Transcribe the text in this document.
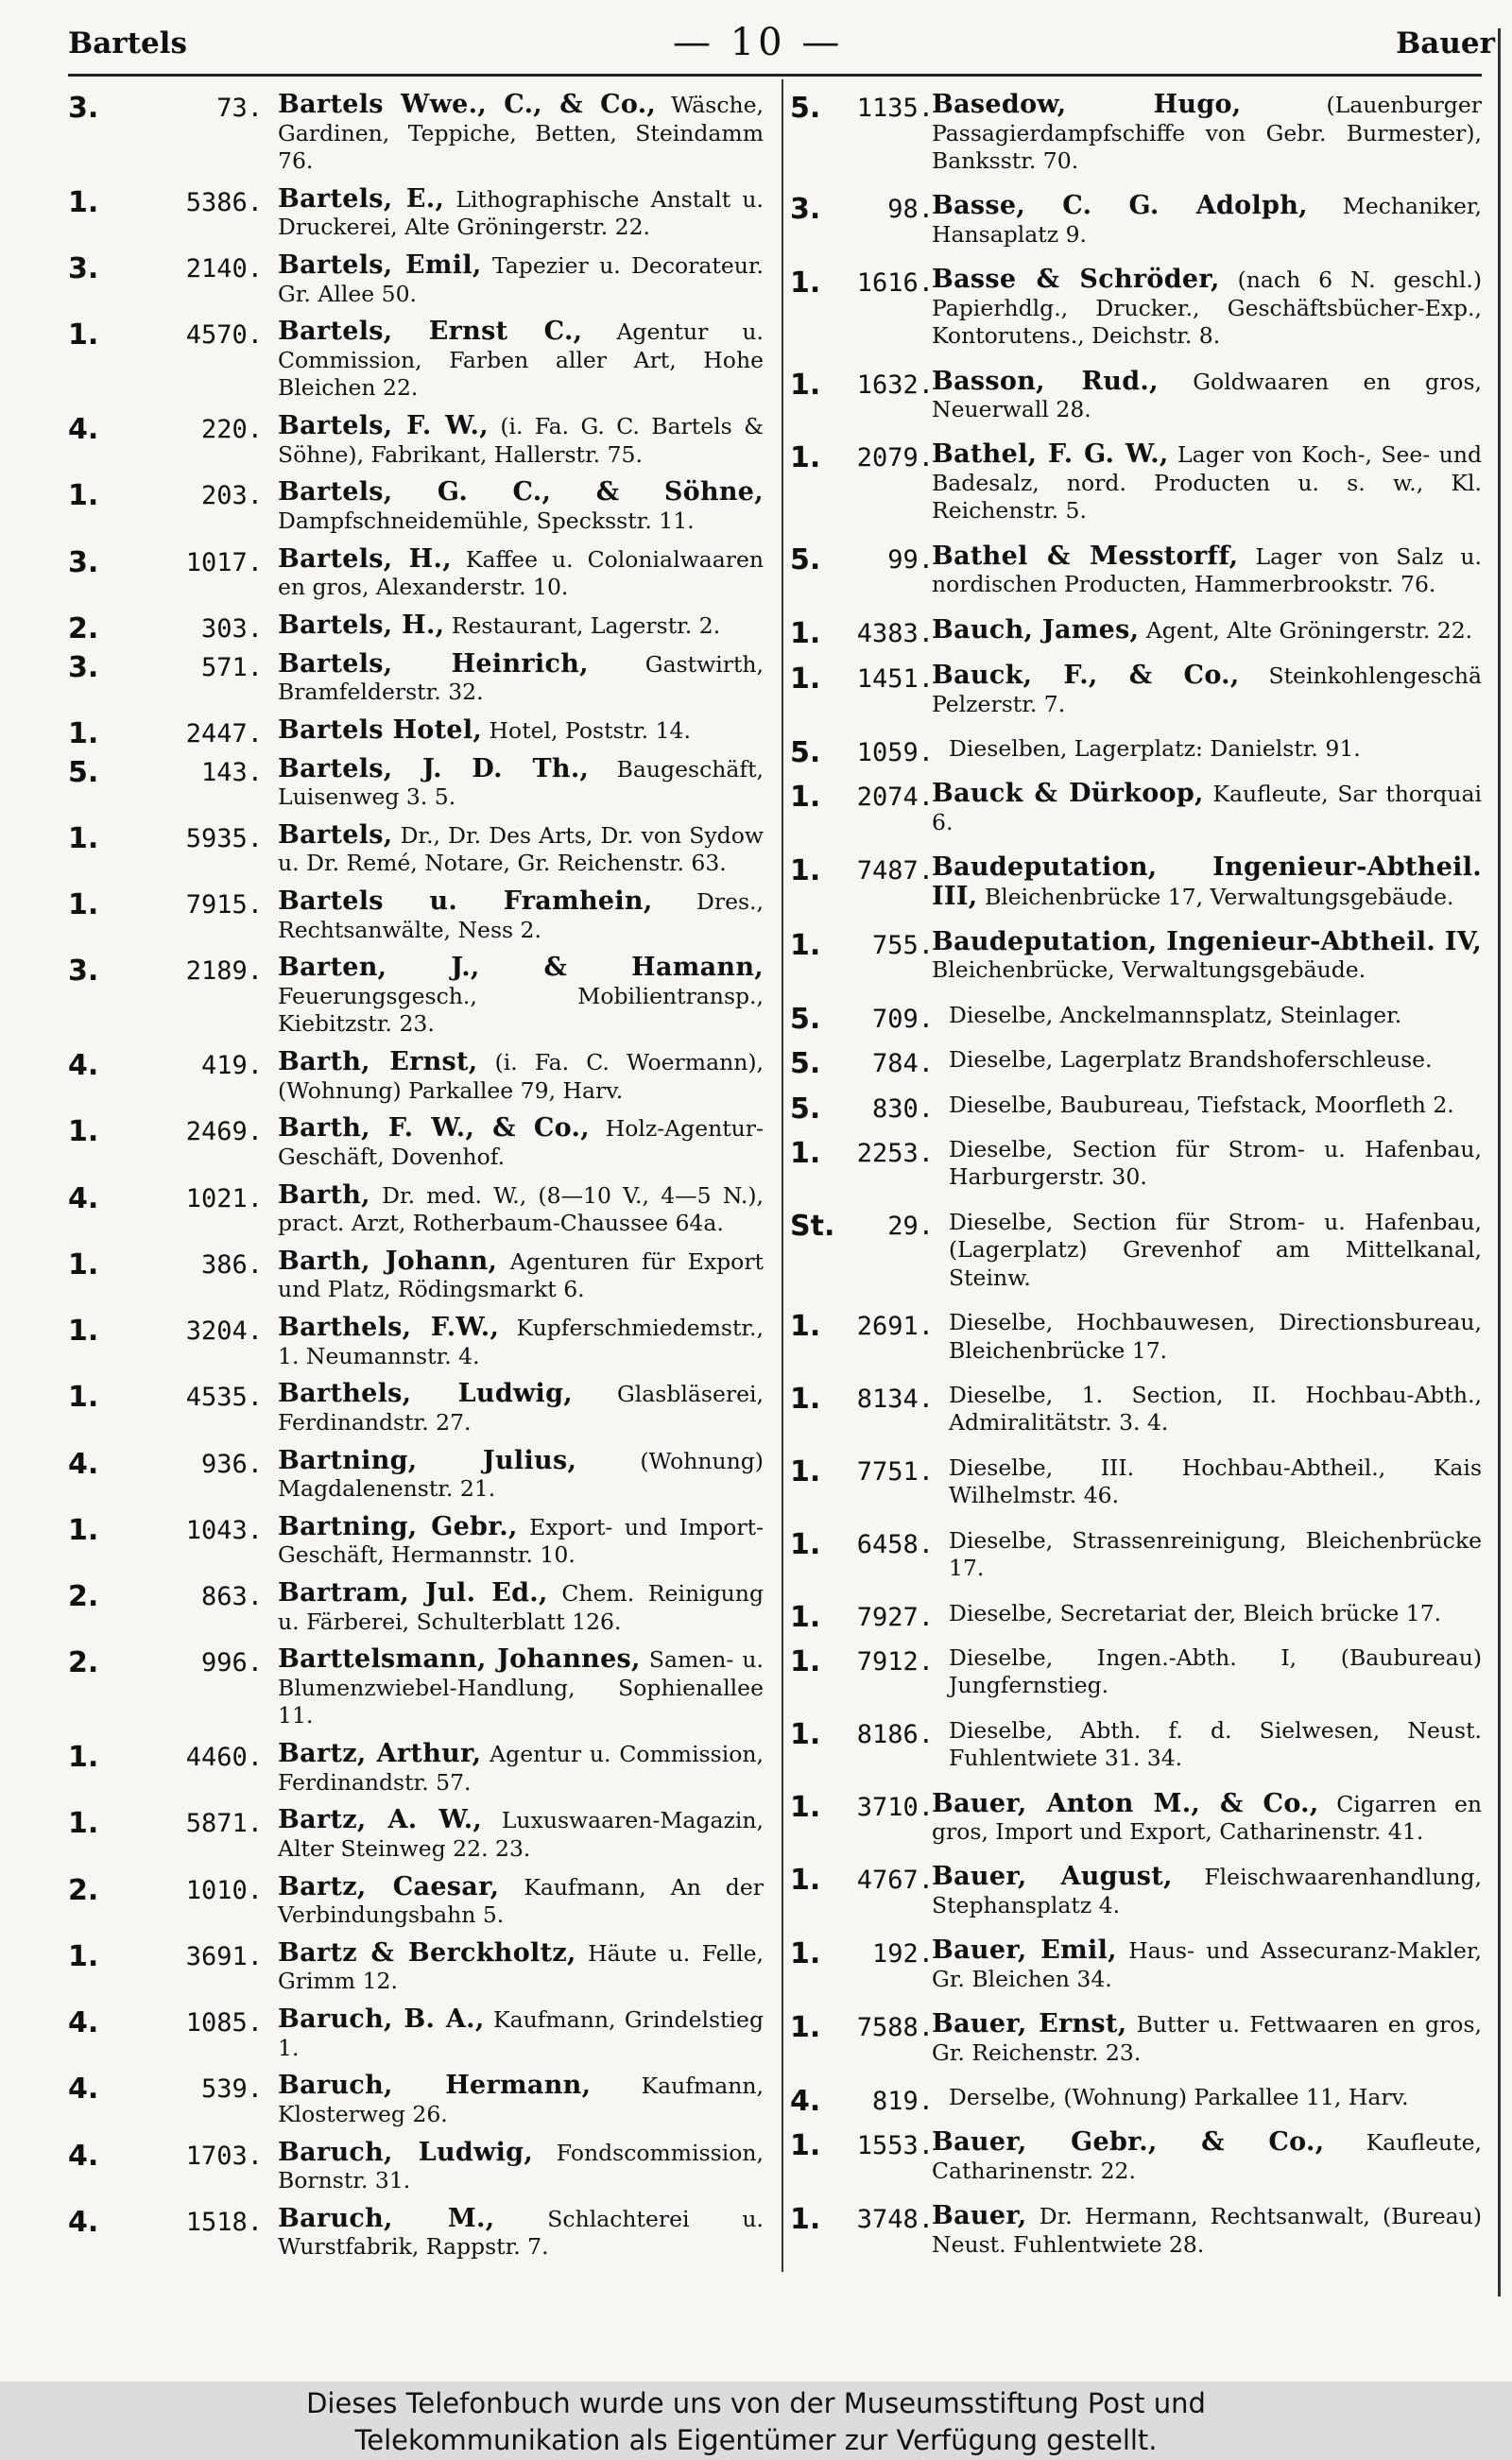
Bartels	— 10 —	Bauer
3.	73. Bartels Wwe., C., & Co., Wäsche, Gardinen, Teppiche, Betten, Steindamm 76.
1.	5386. Bartels, E., Lithographische Anstalt u. Druckerei, Alte Gröningerstr. 22.
3.	2140. Bartels, Emil, Tapezier u. Decorateur. Gr. Allee 50.
1.	4570. Bartels, Ernst C., Agentur u. Commission, Farben aller Art, Hohe Bleichen 22.
4.	220. Bartels, F. W., (i. Fa. G. C. Bartels & Söhne), Fabrikant, Hallerstr. 75.
1.	203. Bartels, G. C., & Söhne, Dampfschneidemühle, Specksstr. 11.
3.	1017. Bartels, H., Kaffee u. Colonialwaaren en gros, Alexanderstr. 10.
2.	303. Bartels, H., Restaurant, Lagerstr. 2.
3.	571. Bartels, Heinrich, Gastwirth, Bramfelderstr. 32.
1.	2447. Bartels Hotel, Hotel, Poststr. 14.
5.	143. Bartels, J. D. Th., Baugeschäft, Luisenweg 3. 5.
1.	5935. Bartels, Dr., Dr. Des Arts, Dr. von Sydow u. Dr. Remé, Notare, Gr. Reichenstr. 63.
1.	7915. Bartels u. Framhein, Dres., Rechtsanwälte, Ness 2.
3.	2189. Barten, J., & Hamann, Feuerungsgesch., Mobilientransp., Kiebitzstr. 23.
4.	419. Barth, Ernst, (i. Fa. C. Woermann), (Wohnung) Parkallee 79, Harv.
1.	2469. Barth, F. W., & Co., Holz-Agentur-Geschäft, Dovenhof.
4.	1021. Barth, Dr. med. W., (8—10 V., 4—5 N.), pract. Arzt, Rotherbaum-Chaussee 64a.
1.	386. Barth, Johann, Agenturen für Export und Platz, Rödingsmarkt 6.
1.	3204. Barthels, F.W., Kupferschmiedemstr., 1. Neumannstr. 4.
1.	4535. Barthels, Ludwig, Glasbläserei, Ferdinandstr. 27.
4.	936. Bartning, Julius, (Wohnung) Magdalenenstr. 21.
1.	1043. Bartning, Gebr., Export- und Import-Geschäft, Hermannstr. 10.
2.	863. Bartram, Jul. Ed., Chem. Reinigung u. Färberei, Schulterblatt 126.
2.	996. Barttelsmann, Johannes, Samen- u. Blumenzwiebel-Handlung, Sophienallee 11.
1.	4460. Bartz, Arthur, Agentur u. Commission, Ferdinandstr. 57.
1.	5871. Bartz, A. W., Luxuswaaren-Magazin, Alter Steinweg 22. 23.
2.	1010. Bartz, Caesar, Kaufmann, An der Verbindungsbahn 5.
1.	3691. Bartz & Berckholtz, Häute u. Felle, Grimm 12.
4.	1085. Baruch, B. A., Kaufmann, Grindelstieg 1.
4.	539. Baruch, Hermann, Kaufmann, Klosterweg 26.
4.	1703. Baruch, Ludwig, Fondscommission, Bornstr. 31.
4.	1518. Baruch, M., Schlachterei u. Wurstfabrik, Rappstr. 7.
5.	1135.
Basedow, Hugo, (Lauenburger Passagierdampfschiffe von Gebr. Burmester), Banksstr. 70.
3.	98.
Basse, C. G. Adolph, Mechaniker, Hansaplatz 9.
1.	1616.
Basse & Schröder, (nach 6 N. geschl.) Papierhdlg., Drucker., Geschäftsbücher-Exp., Kontorutens., Deichstr. 8.
1.	1632.
Basson, Rud., Goldwaaren en gros, Neuerwall 28.
1.	2079.
Bathel, F. G. W., Lager von Koch-, See- und Badesalz, nord. Producten u. s. w., Kl. Reichenstr. 5.
5.	99.
Bathel & Messtorff, Lager von Salz u. nordischen Producten, Hammerbrookstr. 76.
1.	4383.
Bauch, James, Agent, Alte Gröningerstr. 22.
1.	1451.
Bauck, F., & Co., Steinkohlengeschä Pelzerstr. 7.
5.	1059. Dieselben, Lagerplatz: Danielstr. 91.
1.	2074.
Bauck & Dürkoop, Kaufleute, Sar thorquai 6.
1.	7487.
Baudeputation, Ingenieur-Abtheil. III, Bleichenbrücke 17, Verwaltungsgebäude.
1.	755.
Baudeputation, Ingenieur-Abtheil. IV, Bleichenbrücke, Verwaltungsgebäude.
5.	709. Dieselbe, Anckelmannsplatz, Steinlager.
5.	784. Dieselbe, Lagerplatz Brandshoferschleuse.
5.	830. Dieselbe, Baubureau, Tiefstack, Moorfleth 2.
1.	2253. Dieselbe, Section für Strom- u. Hafenbau, Harburgerstr. 30.
St.	29. Dieselbe, Section für Strom- u. Hafenbau, (Lagerplatz) Grevenhof am Mittelkanal, Steinw.
1.	2691. Dieselbe, Hochbauwesen, Directionsbureau, Bleichenbrücke 17.
1.	8134. Dieselbe, 1. Section, II. Hochbau-Abth., Admiralitätstr. 3. 4.
1.	7751. Dieselbe, III. Hochbau-Abtheil., Kais Wilhelmstr. 46.
1.	6458. Dieselbe, Strassenreinigung, Bleichenbrücke 17.
1.	7927. Dieselbe, Secretariat der, Bleich brücke 17.
1.	7912. Dieselbe, Ingen.-Abth. I, (Baubureau) Jungfernstieg.
1.	8186. Dieselbe, Abth. f. d. Sielwesen, Neust. Fuhlentwiete 31. 34.
1.	3710.
Bauer, Anton M., & Co., Cigarren en gros, Import und Export, Catharinenstr. 41.
1.	4767.
Bauer, August, Fleischwaarenhandlung, Stephansplatz 4.
1.	192.
Bauer, Emil, Haus- und Assecuranz-Makler, Gr. Bleichen 34.
1.	7588.
Bauer, Ernst, Butter u. Fettwaaren en gros, Gr. Reichenstr. 23.
4.	819. Derselbe, (Wohnung) Parkallee 11, Harv.
1.	1553.
Bauer, Gebr., & Co., Kaufleute, Catharinenstr. 22.
1.	3748.
Bauer, Dr. Hermann, Rechtsanwalt, (Bureau) Neust. Fuhlentwiete 28.
Dieses Telefonbuch wurde uns von der Museumsstiftung Post und
Telekommunikation als Eigentümer zur Verfügung gestellt.
